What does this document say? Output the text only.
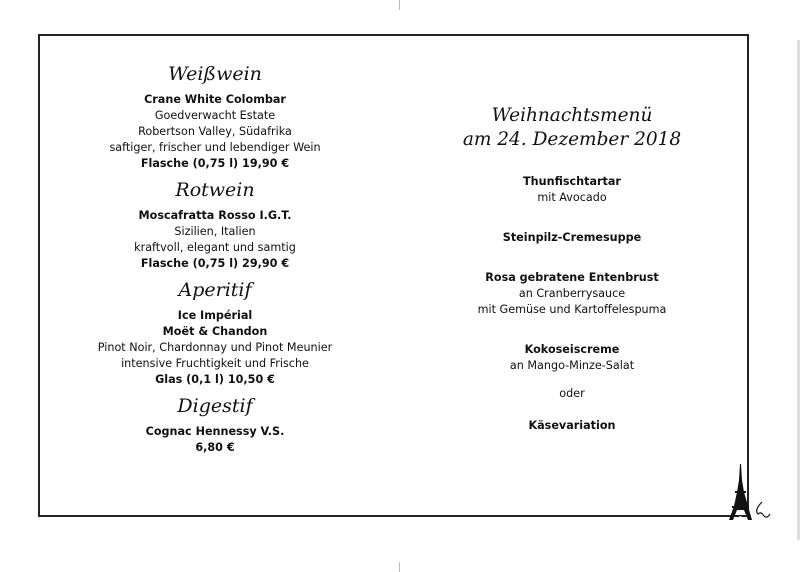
Weißwein
Crane White Colombar
Goedverwacht Estate
Robertson Valley, Südafrika
saftiger, frischer und lebendiger Wein
Flasche (0,75 l) 19,90 €
Rotwein
Moscafratta Rosso I.G.T.
Sizilien, Italien
kraftvoll, elegant und samtig
Flasche (0,75 l) 29,90 €
Aperitif
Ice Impérial
Moët & Chandon
Pinot Noir, Chardonnay und Pinot Meunier
intensive Fruchtigkeit und Frische
Glas (0,1 l) 10,50 €
Digestif
Cognac Hennessy V.S.
6,80 €
Weihnachtsmenü
am 24. Dezember 2018
Thunfischtartar
mit Avocado
Steinpilz-Cremesuppe
Rosa gebratene Entenbrust
an Cranberrysauce
mit Gemüse und Kartoffelespuma
Kokoseiscreme
an Mango-Minze-Salat
oder
Käsevariation
